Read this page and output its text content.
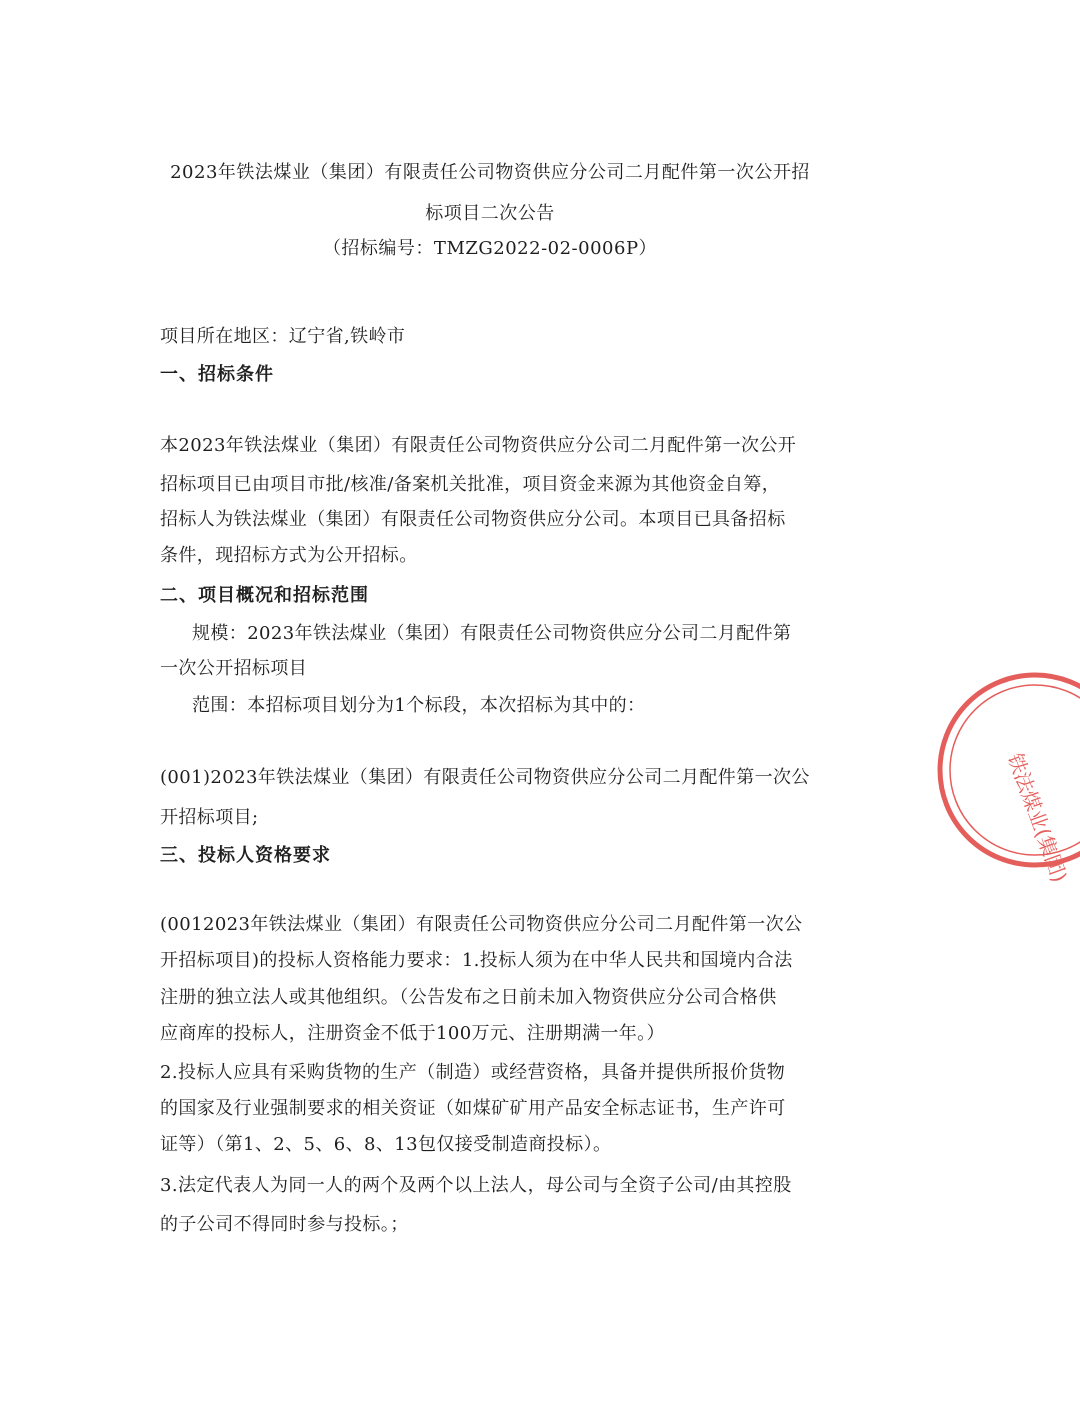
2023年铁法煤业（集团）有限责任公司物资供应分公司二月配件第一次公开招
标项目二次公告
（招标编号：TMZG2022-02-0006P）
项目所在地区：辽宁省,铁岭市
一、招标条件
本2023年铁法煤业（集团）有限责任公司物资供应分公司二月配件第一次公开
招标项目已由项目市批/核准/备案机关批准，项目资金来源为其他资金自筹，
招标人为铁法煤业（集团）有限责任公司物资供应分公司。本项目已具备招标
条件，现招标方式为公开招标。
二、项目概况和招标范围
规模：2023年铁法煤业（集团）有限责任公司物资供应分公司二月配件第
一次公开招标项目
范围：本招标项目划分为1个标段，本次招标为其中的：
(001)2023年铁法煤业（集团）有限责任公司物资供应分公司二月配件第一次公
开招标项目;
三、投标人资格要求
(0012023年铁法煤业（集团）有限责任公司物资供应分公司二月配件第一次公
开招标项目)的投标人资格能力要求：1.投标人须为在中华人民共和国境内合法
注册的独立法人或其他组织。（公告发布之日前未加入物资供应分公司合格供
应商库的投标人，注册资金不低于100万元、注册期满一年。）
2.投标人应具有采购货物的生产（制造）或经营资格，具备并提供所报价货物
的国家及行业强制要求的相关资证（如煤矿矿用产品安全标志证书，生产许可
证等）（第1、2、5、6、8、13包仅接受制造商投标）。
3.法定代表人为同一人的两个及两个以上法人，母公司与全资子公司/由其控股
的子公司不得同时参与投标。；
铁法煤业(集团)
